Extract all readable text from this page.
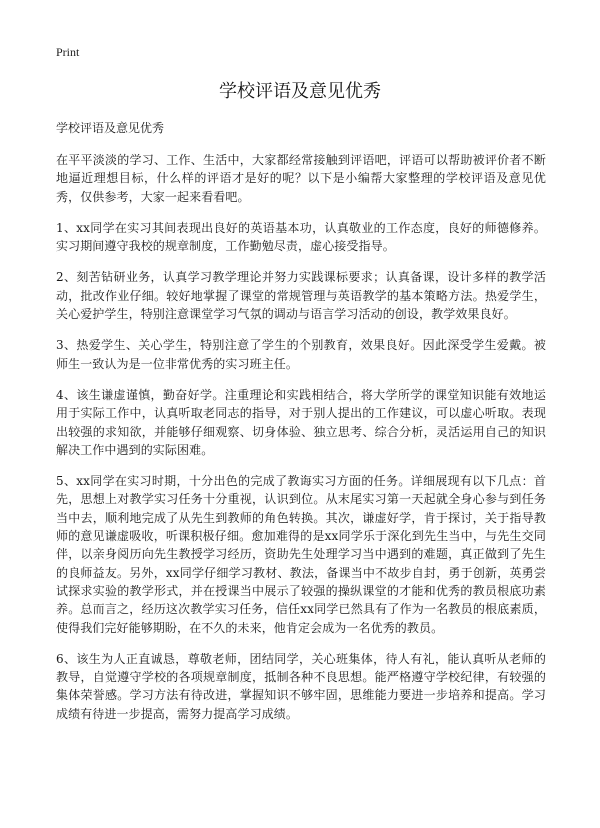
Print
学校评语及意见优秀

学校评语及意见优秀

在平平淡淡的学习、工作、生活中，大家都经常接触到评语吧，评语可以帮助被评价者不断地逼近理想目标，什么样的评语才是好的呢？以下是小编帮大家整理的学校评语及意见优秀，仅供参考，大家一起来看看吧。

1、xx同学在实习其间表现出良好的英语基本功，认真敬业的工作态度，良好的师德修养。实习期间遵守我校的规章制度，工作勤勉尽责，虚心接受指导。

2、刻苦钻研业务，认真学习教学理论并努力实践课标要求；认真备课，设计多样的教学活动，批改作业仔细。较好地掌握了课堂的常规管理与英语教学的基本策略方法。热爱学生，关心爱护学生，特别注意课堂学习气氛的调动与语言学习活动的创设，教学效果良好。

3、热爱学生、关心学生，特别注意了学生的个别教育，效果良好。因此深受学生爱戴。被师生一致认为是一位非常优秀的实习班主任。

4、该生谦虚谨慎，勤奋好学。注重理论和实践相结合，将大学所学的课堂知识能有效地运用于实际工作中，认真听取老同志的指导，对于别人提出的工作建议，可以虚心听取。表现出较强的求知欲，并能够仔细观察、切身体验、独立思考、综合分析，灵活运用自己的知识解决工作中遇到的实际困难。

5、xx同学在实习时期，十分出色的完成了教诲实习方面的任务。详细展现有以下几点：首先，思想上对教学实习任务十分重视，认识到位。从末尾实习第一天起就全身心参与到任务当中去，顺利地完成了从先生到教师的角色转换。其次，谦虚好学，肯于探讨，关于指导教师的意见谦虚吸收，听课积极仔细。愈加难得的是xx同学乐于深化到先生当中，与先生交同伴，以亲身阅历向先生教授学习经历，资助先生处理学习当中遇到的难题，真正做到了先生的良师益友。另外，xx同学仔细学习教材、教法，备课当中不故步自封，勇于创新，英勇尝试探求实验的教学形式，并在授课当中展示了较强的操纵课堂的才能和优秀的教员根底功素养。总而言之，经历这次教学实习任务，信任xx同学已然具有了作为一名教员的根底素质，使得我们完好能够期盼，在不久的未来，他肯定会成为一名优秀的教员。

6、该生为人正直诚恳，尊敬老师，团结同学，关心班集体，待人有礼，能认真听从老师的教导，自觉遵守学校的各项规章制度，抵制各种不良思想。能严格遵守学校纪律，有较强的集体荣誉感。学习方法有待改进，掌握知识不够牢固，思维能力要进一步培养和提高。学习成绩有待进一步提高，需努力提高学习成绩。
